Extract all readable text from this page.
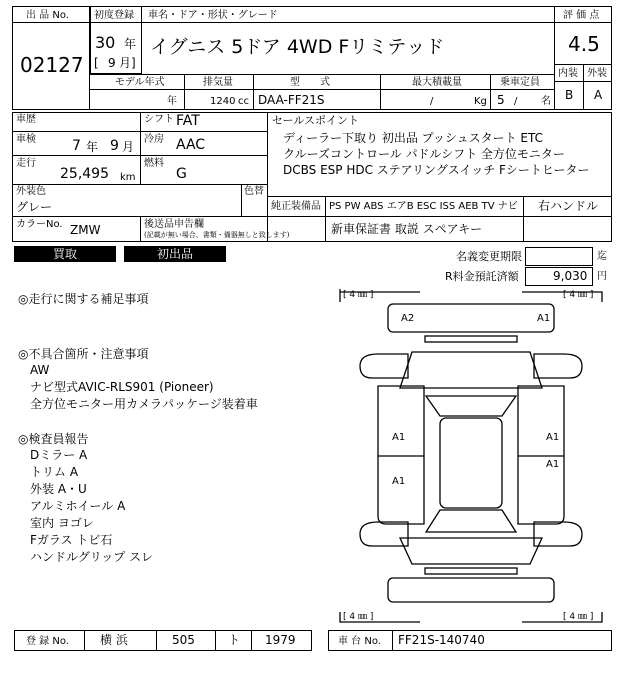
出 品 No.
02127
初度登録
30 年
[ 9 月]
車名・ドア・形状・グレード
イグニス 5ドア 4WD Fリミテッド
評 価 点
4.5
内装 外装
B A
モデル年式	排気量	型　　式	最大積載量	乗車定員
年	1240 cc DAA-FF21S	/	Kg 5 / 名
車歴
車検	7 年 9 月
走行
25,495 km
シフト FAT
冷房 AAC
燃料
G
外装色
グレー
色替
カラーNo. ZMW	後送品申告欄
(記載が無い場合、書類・備器無しと致します)
セールスポイント
ディーラー下取り 初出品 プッシュスタート ETC
クルーズコントロール パドルシフト 全方位モニター
DCBS ESP HDC ステアリングスイッチ Fシートヒーター
純正装備品 PS PW ABS エアB ESC ISS AEB TV ナビ 右ハンドル
新車保証書 取説 スペアキー
買取	初出品	名義変更期限	迄
R料金預託済額	9,030 円
◎走行に関する補足事項
◎不具合箇所・注意事項
AW
ナビ型式AVIC-RLS901 (Pioneer)
全方位モニター用カメラパッケージ装着車
◎検査員報告
Dミラー A
トリム A
外装 A・U
アルミホイール A
室内 ヨゴレ
Fガラス トビ石
ハンドルグリップ スレ
[ 4 ㎜ ]	[ 4 ㎜ ]
[ 4 ㎜ ]	[ 4 ㎜ ]
A2	A1
A1	A1
A1
A1
登 録 No.	横 浜	505	ト 1979	車 台 No. FF21S-140740
